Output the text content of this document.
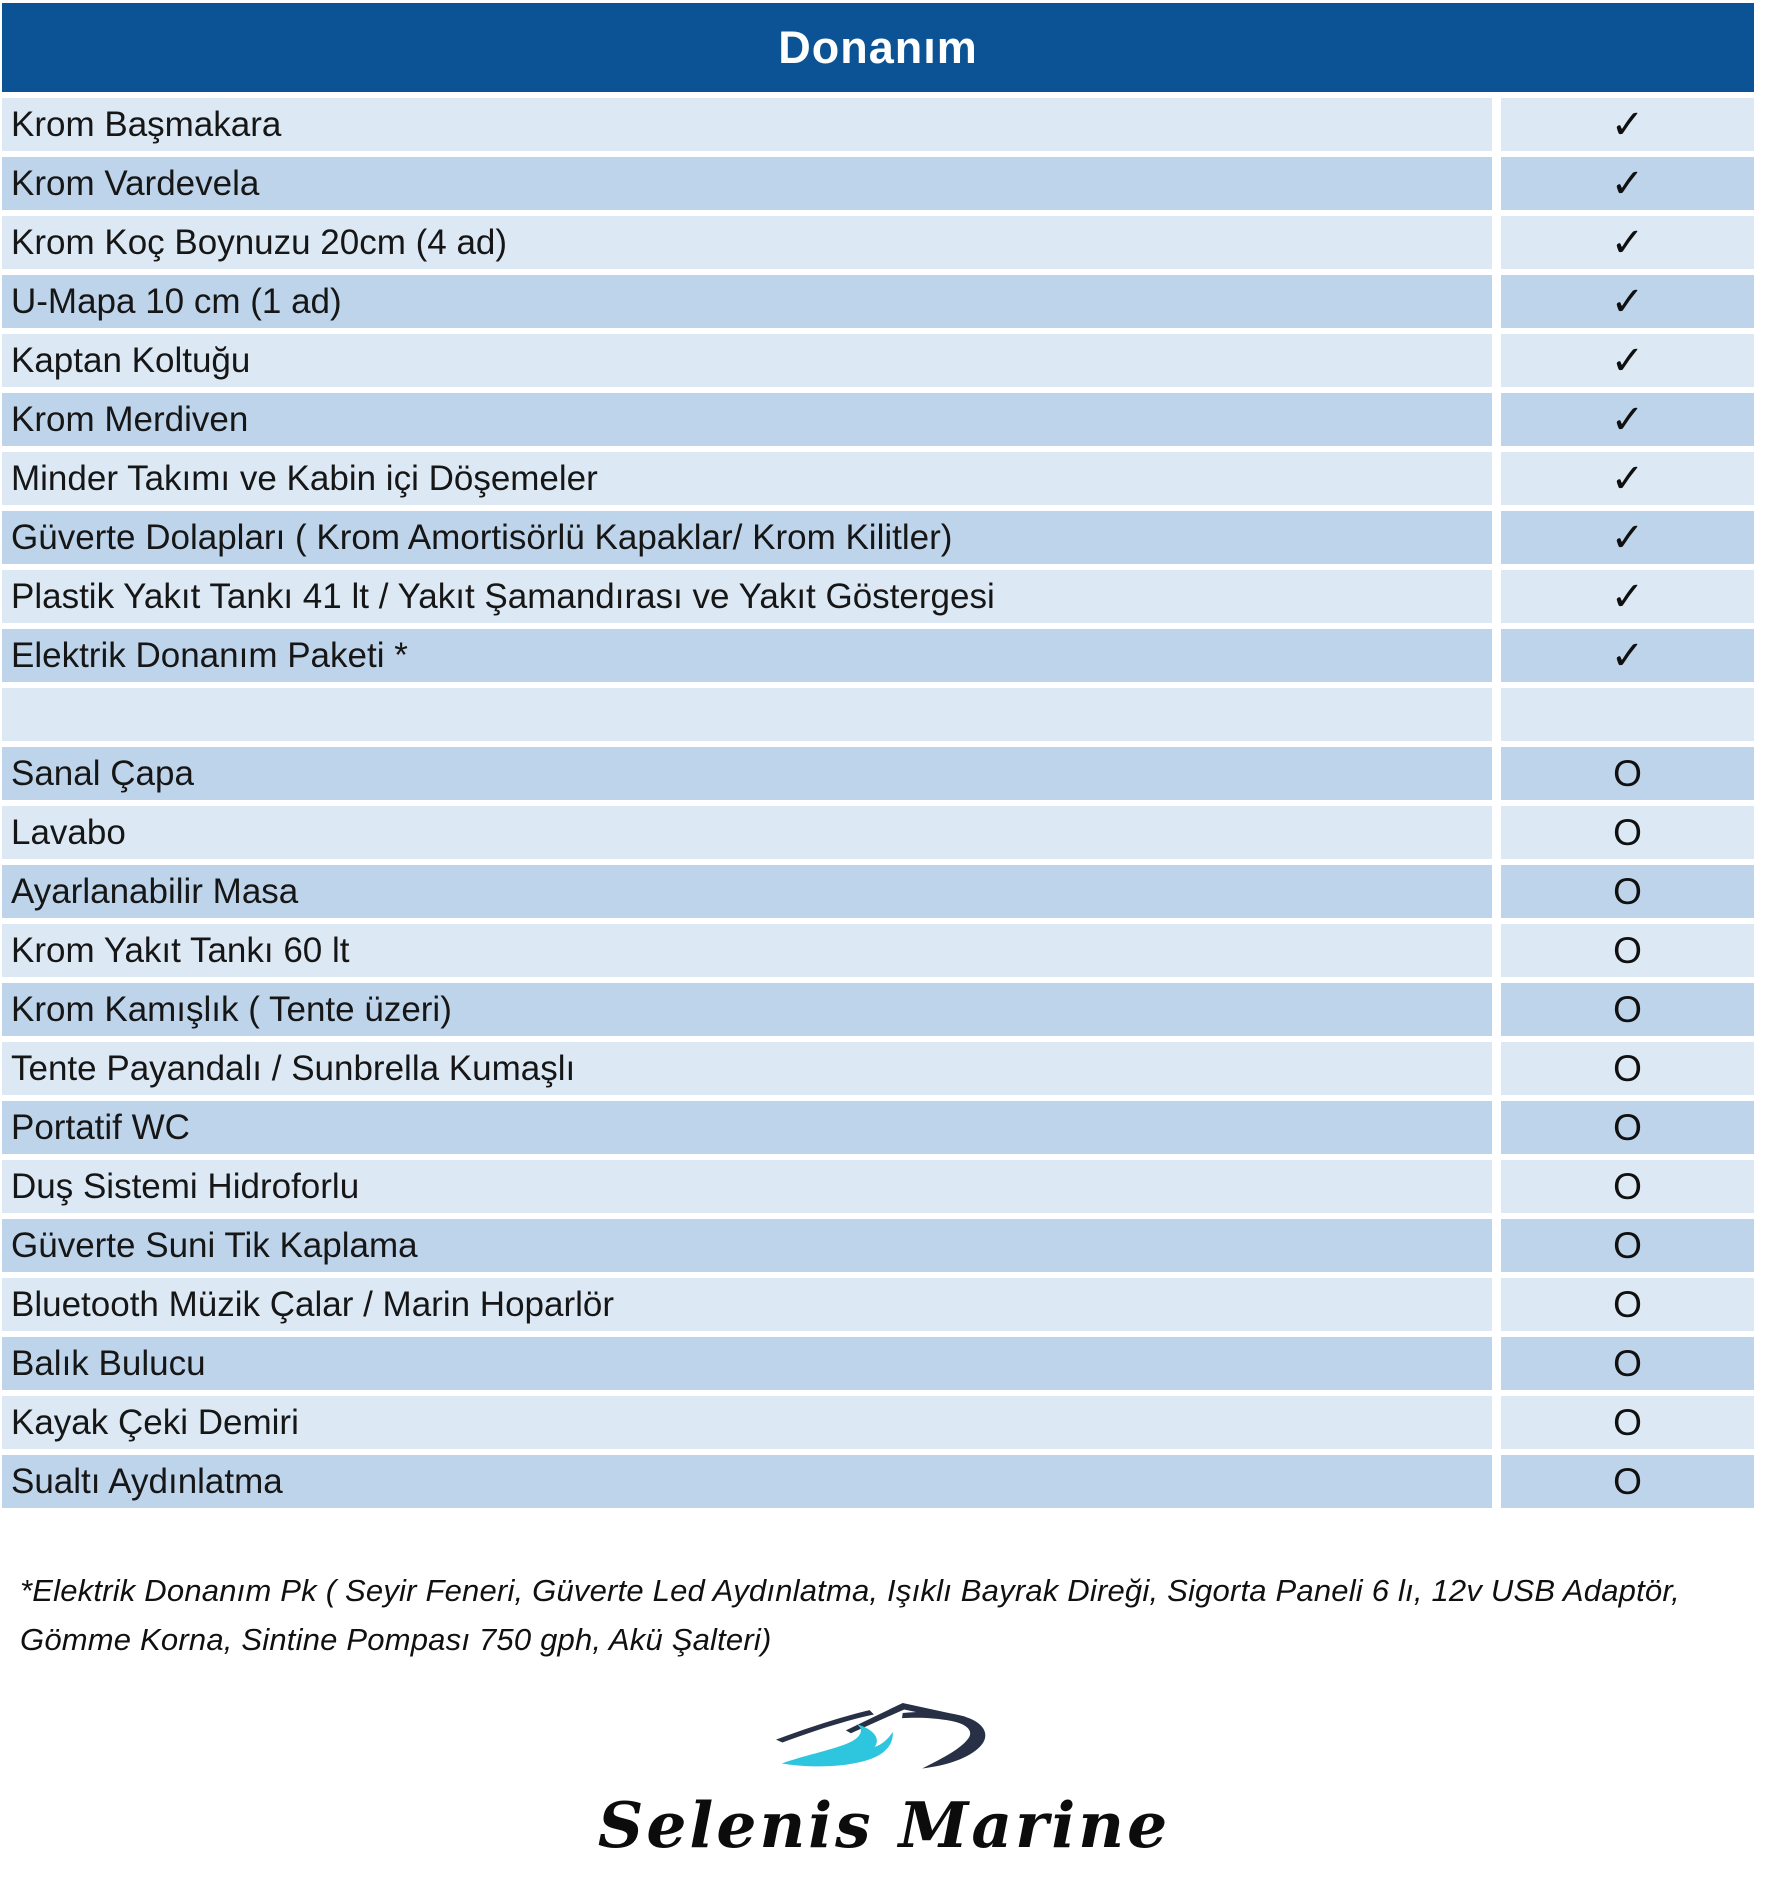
Donanım
Krom Başmakara	✓
Krom Vardevela	✓
Krom Koç Boynuzu 20cm (4 ad)	✓
U-Mapa 10 cm (1 ad)	✓
Kaptan Koltuğu	✓
Krom Merdiven	✓
Minder Takımı ve Kabin içi Döşemeler	✓
Güverte Dolapları ( Krom Amortisörlü Kapaklar/ Krom Kilitler)	✓
Plastik Yakıt Tankı 41 lt / Yakıt Şamandırası ve Yakıt Göstergesi	✓
Elektrik Donanım Paketi *	✓
Sanal Çapa	O
Lavabo	O
Ayarlanabilir Masa	O
Krom Yakıt Tankı 60 lt	O
Krom Kamışlık ( Tente üzeri)	O
Tente Payandalı / Sunbrella Kumaşlı	O
Portatif WC	O
Duş Sistemi Hidroforlu	O
Güverte Suni Tik Kaplama	O
Bluetooth Müzik Çalar / Marin Hoparlör	O
Balık Bulucu	O
Kayak Çeki Demiri	O
Sualtı Aydınlatma	O
*Elektrik Donanım Pk ( Seyir Feneri, Güverte Led Aydınlatma, Işıklı Bayrak Direği, Sigorta Paneli 6 lı, 12v USB Adaptör,
Gömme Korna, Sintine Pompası 750 gph, Akü Şalteri)
Selenis Marine
